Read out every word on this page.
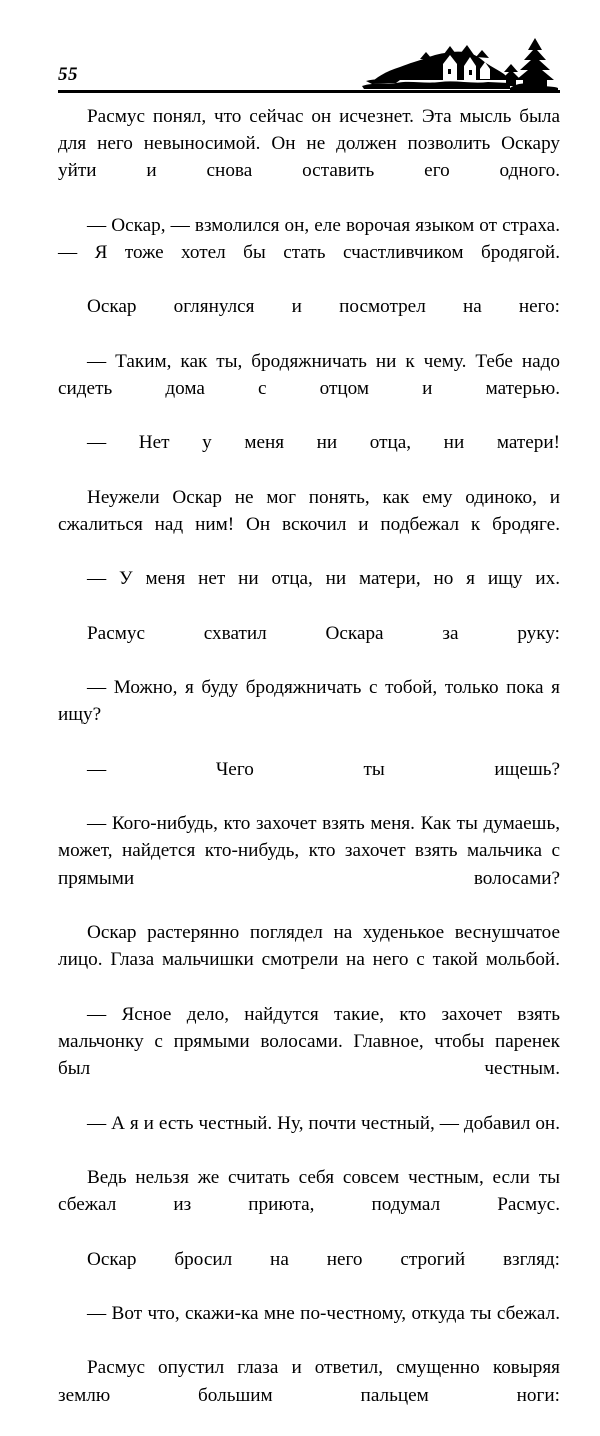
55

Расмус понял, что сейчас он исчезнет. Эта мысль была для него невыносимой. Он не должен позволить Оскару уйти и снова оставить его одного.

— Оскар, — взмолился он, еле ворочая языком от страха. — Я тоже хотел бы стать счастливчиком бродягой.

Оскар оглянулся и посмотрел на него:

— Таким, как ты, бродяжничать ни к чему. Тебе надо сидеть дома с отцом и матерью.

— Нет у меня ни отца, ни матери!

Неужели Оскар не мог понять, как ему одиноко, и сжалиться над ним! Он вскочил и подбежал к бродяге.

— У меня нет ни отца, ни матери, но я ищу их.

Расмус схватил Оскара за руку:

— Можно, я буду бродяжничать с тобой, только пока я ищу?

— Чего ты ищешь?

— Кого-нибудь, кто захочет взять меня. Как ты думаешь, может, найдется кто-нибудь, кто захочет взять мальчика с прямыми волосами?

Оскар растерянно поглядел на худенькое веснушчатое лицо. Глаза мальчишки смотрели на него с такой мольбой.

— Ясное дело, найдутся такие, кто захочет взять мальчонку с прямыми волосами. Главное, чтобы паренек был честным.

— А я и есть честный. Ну, почти честный, — добавил он.

Ведь нельзя же считать себя совсем честным, если ты сбежал из приюта, подумал Расмус.

Оскар бросил на него строгий взгляд:

— Вот что, скажи-ка мне по-честному, откуда ты сбежал.

Расмус опустил глаза и ответил, смущенно ковыряя землю большим пальцем ноги:
